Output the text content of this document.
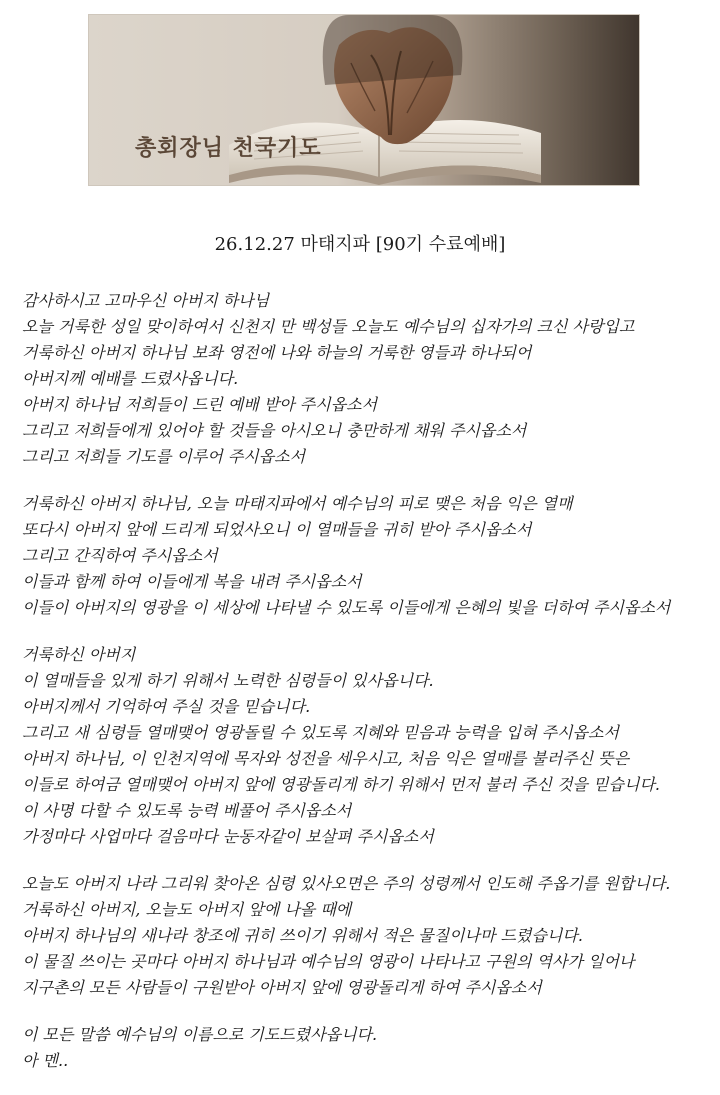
총회장님 천국기도
26.12.27 마태지파 [90기 수료예배]
감사하시고 고마우신 아버지 하나님
오늘 거룩한 성일 맞이하여서 신천지 만 백성들 오늘도 예수님의 십자가의 크신 사랑입고
거룩하신 아버지 하나님 보좌 영전에 나와 하늘의 거룩한 영들과 하나되어
아버지께 예배를 드렸사옵니다.
아버지 하나님 저희들이 드린 예배 받아 주시옵소서
그리고 저희들에게 있어야 할 것들을 아시오니 충만하게 채워 주시옵소서
그리고 저희들 기도를 이루어 주시옵소서
거룩하신 아버지 하나님, 오늘 마태지파에서 예수님의 피로 맺은 처음 익은 열매
또다시 아버지 앞에 드리게 되었사오니 이 열매들을 귀히 받아 주시옵소서
그리고 간직하여 주시옵소서
이들과 함께 하여 이들에게 복을 내려 주시옵소서
이들이 아버지의 영광을 이 세상에 나타낼 수 있도록 이들에게 은혜의 빛을 더하여 주시옵소서
거룩하신 아버지
이 열매들을 있게 하기 위해서 노력한 심령들이 있사옵니다.
아버지께서 기억하여 주실 것을 믿습니다.
그리고 새 심령들 열매맺어 영광돌릴 수 있도록 지혜와 믿음과 능력을 입혀 주시옵소서
아버지 하나님, 이 인천지역에 목자와 성전을 세우시고, 처음 익은 열매를 불러주신 뜻은
이들로 하여금 열매맺어 아버지 앞에 영광돌리게 하기 위해서 먼저 불러 주신 것을 믿습니다.
이 사명 다할 수 있도록 능력 베풀어 주시옵소서
가정마다 사업마다 걸음마다 눈동자같이 보살펴 주시옵소서
오늘도 아버지 나라 그리워 찾아온 심령 있사오면은 주의 성령께서 인도해 주옵기를 원합니다.
거룩하신 아버지, 오늘도 아버지 앞에 나올 때에
아버지 하나님의 새나라 창조에 귀히 쓰이기 위해서 적은 물질이나마 드렸습니다.
이 물질 쓰이는 곳마다 아버지 하나님과 예수님의 영광이 나타나고 구원의 역사가 일어나
지구촌의 모든 사람들이 구원받아 아버지 앞에 영광돌리게 하여 주시옵소서
이 모든 말씀 예수님의 이름으로 기도드렸사옵니다.
아 멘..
